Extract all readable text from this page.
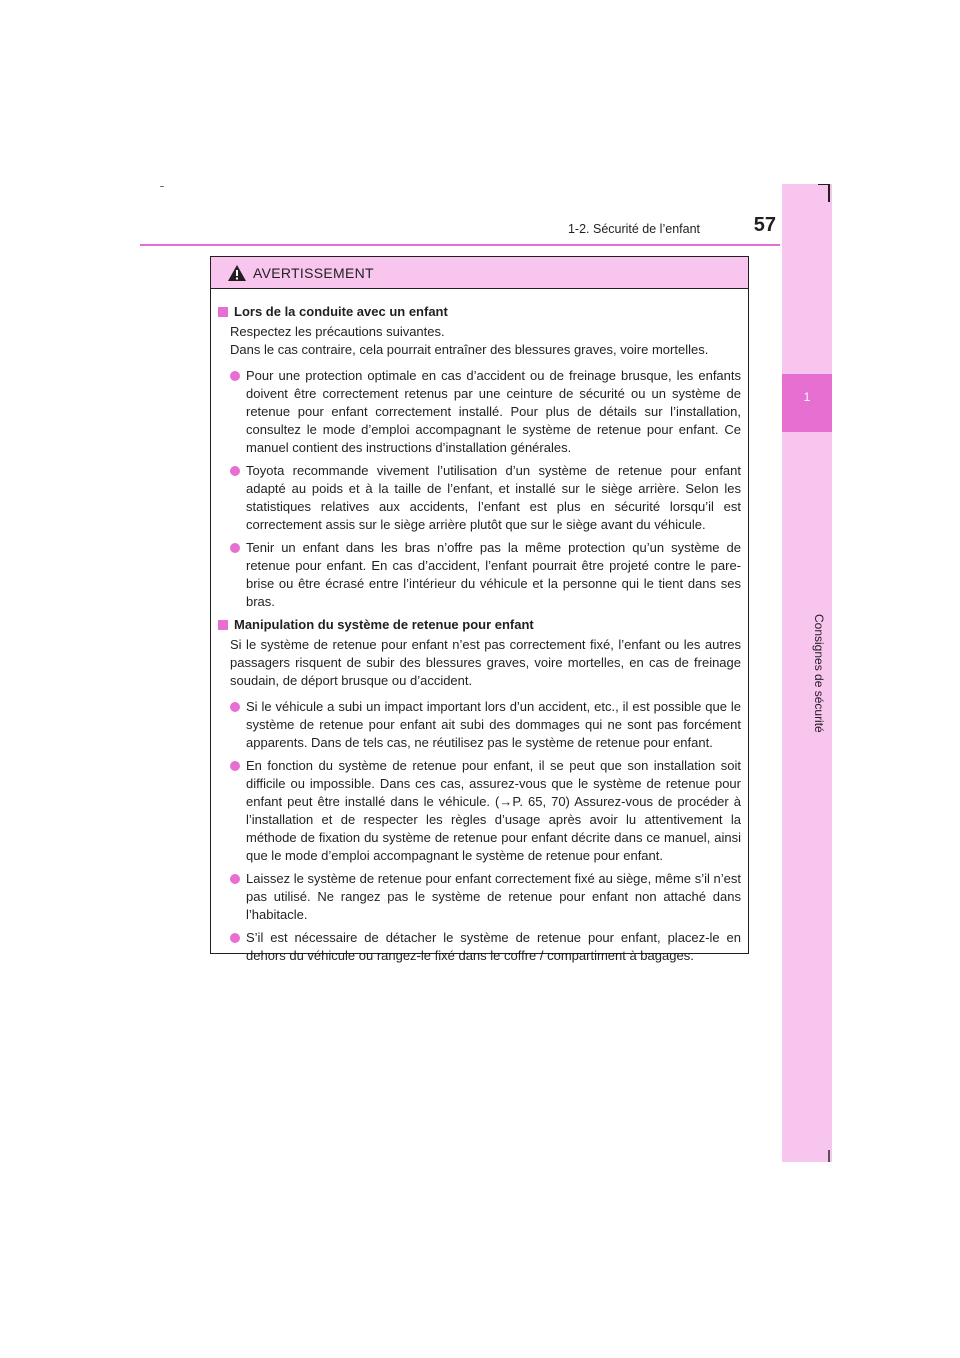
1-2. Sécurité de l’enfant	57
1
Consignes de sécurité
AVERTISSEMENT
Lors de la conduite avec un enfant
Respectez les précautions suivantes.
Dans le cas contraire, cela pourrait entraîner des blessures graves, voire mortelles.
Pour une protection optimale en cas d’accident ou de freinage brusque, les enfants doivent être correctement retenus par une ceinture de sécurité ou un système de retenue pour enfant correctement installé. Pour plus de détails sur l’installation, consultez le mode d’emploi accompagnant le système de retenue pour enfant. Ce manuel contient des instructions d’installation générales.
Toyota recommande vivement l’utilisation d’un système de retenue pour enfant adapté au poids et à la taille de l’enfant, et installé sur le siège arrière. Selon les statistiques relatives aux accidents, l’enfant est plus en sécurité lorsqu’il est correctement assis sur le siège arrière plutôt que sur le siège avant du véhicule.
Tenir un enfant dans les bras n’offre pas la même protection qu’un système de retenue pour enfant. En cas d’accident, l’enfant pourrait être projeté contre le pare-brise ou être écrasé entre l’intérieur du véhicule et la personne qui le tient dans ses bras.
Manipulation du système de retenue pour enfant
Si le système de retenue pour enfant n’est pas correctement fixé, l’enfant ou les autres passagers risquent de subir des blessures graves, voire mortelles, en cas de freinage soudain, de déport brusque ou d’accident.
Si le véhicule a subi un impact important lors d’un accident, etc., il est possible que le système de retenue pour enfant ait subi des dommages qui ne sont pas forcément apparents. Dans de tels cas, ne réutilisez pas le système de retenue pour enfant.
En fonction du système de retenue pour enfant, il se peut que son installation soit difficile ou impossible. Dans ces cas, assurez-vous que le système de retenue pour enfant peut être installé dans le véhicule. (→P. 65, 70) Assurez-vous de procéder à l’installation et de respecter les règles d’usage après avoir lu attentivement la méthode de fixation du système de retenue pour enfant décrite dans ce manuel, ainsi que le mode d’emploi accompagnant le système de retenue pour enfant.
Laissez le système de retenue pour enfant correctement fixé au siège, même s’il n’est pas utilisé. Ne rangez pas le système de retenue pour enfant non attaché dans l’habitacle.
S’il est nécessaire de détacher le système de retenue pour enfant, placez-le en dehors du véhicule ou rangez-le fixé dans le coffre / compartiment à bagages.
